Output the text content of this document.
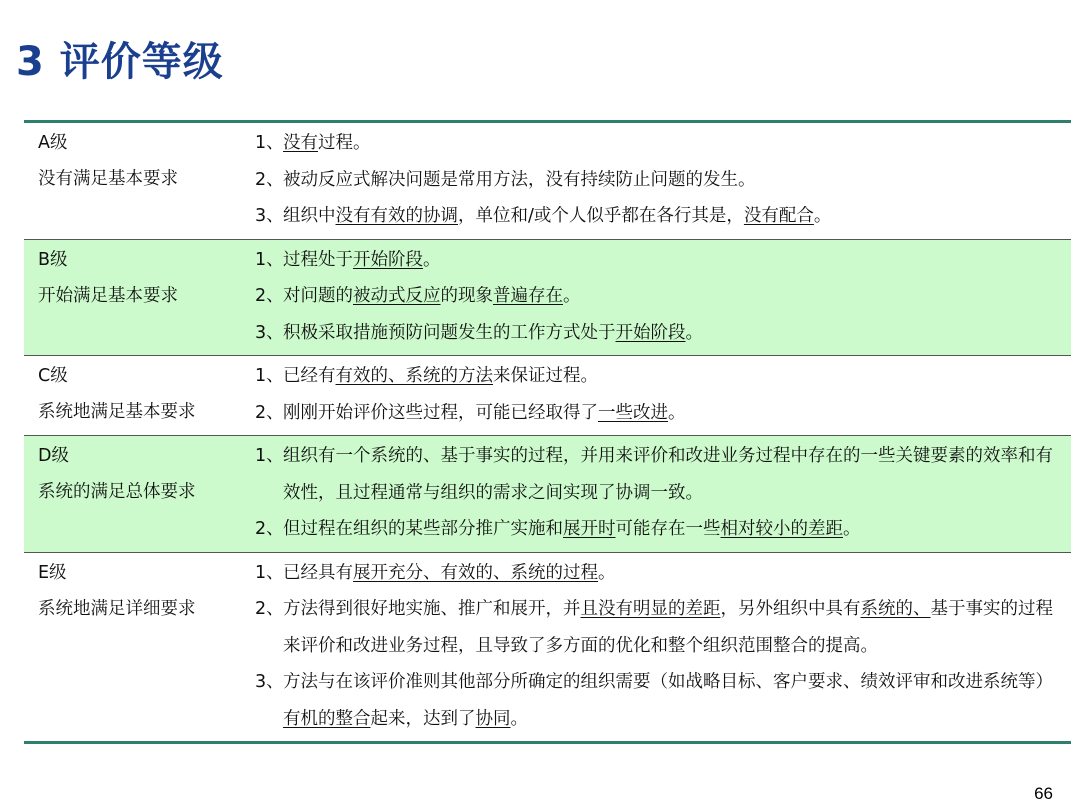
3 评价等级
A级
没有满足基本要求
1、 没有过程。
2、 被动反应式解决问题是常用方法，没有持续防止问题的发生。
3、 组织中没有有效的协调，单位和/或个人似乎都在各行其是，没有配合。
B级
开始满足基本要求
1、 过程处于开始阶段。
2、 对问题的被动式反应的现象普遍存在。
3、 积极采取措施预防问题发生的工作方式处于开始阶段。
C级
系统地满足基本要求
1、 已经有有效的、系统的方法来保证过程。
2、 刚刚开始评价这些过程，可能已经取得了一些改进。
D级
系统的满足总体要求
1、 组织有一个系统的、基于事实的过程，并用来评价和改进业务过程中存在的一些关键要素的效率和有效性，且过程通常与组织的需求之间实现了协调一致。
2、 但过程在组织的某些部分推广实施和展开时可能存在一些相对较小的差距。
E级
系统地满足详细要求
1、 已经具有展开充分、有效的、系统的过程。
2、 方法得到很好地实施、推广和展开，并且没有明显的差距，另外组织中具有系统的、基于事实的过程来评价和改进业务过程，且导致了多方面的优化和整个组织范围整合的提高。
3、 方法与在该评价准则其他部分所确定的组织需要（如战略目标、客户要求、绩效评审和改进系统等）有机的整合起来，达到了协同。
66
